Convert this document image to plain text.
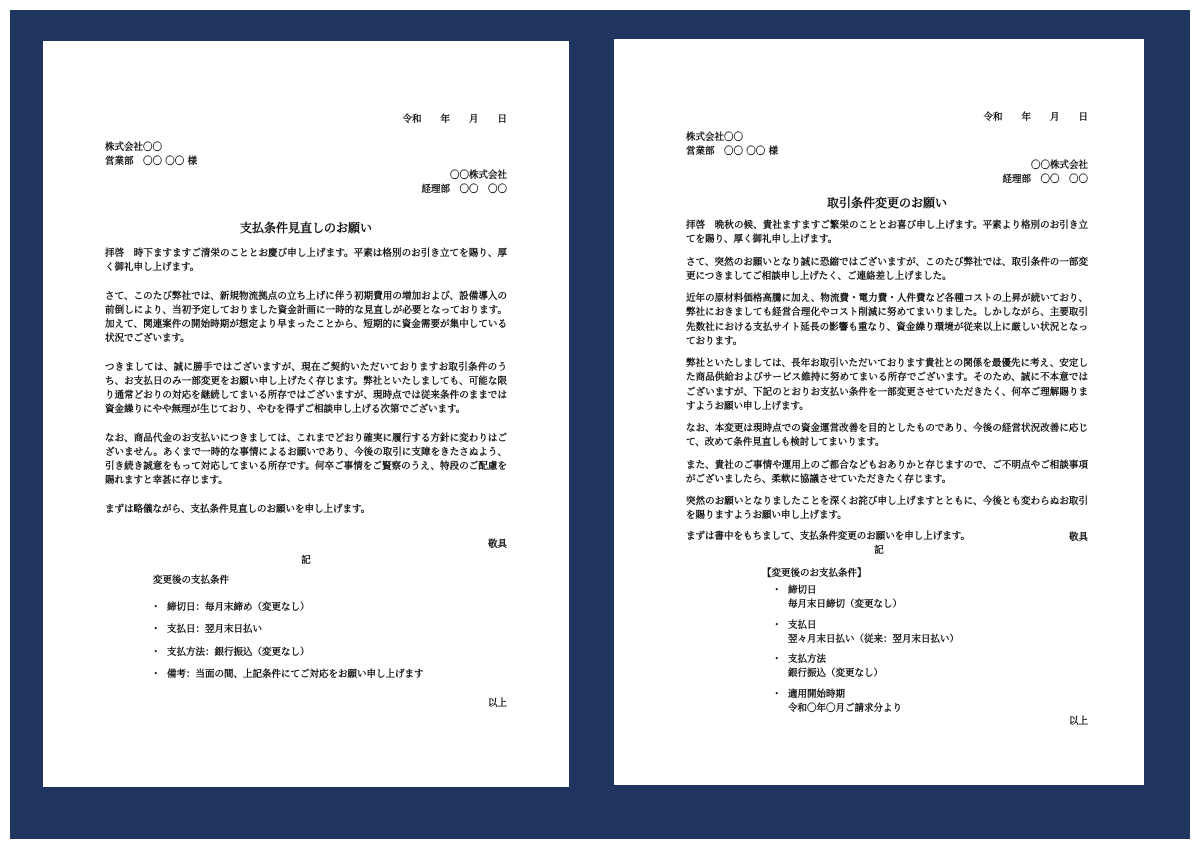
令和　　年　　月　　日

株式会社〇〇

営業部　〇〇 〇〇 様

〇〇株式会社

経理部　〇〇　〇〇

支払条件見直しのお願い

拝啓　時下ますますご清栄のこととお慶び申し上げます。平素は格別のお引き立てを賜り、厚く御礼申し上げます。

さて、このたび弊社では、新規物流拠点の立ち上げに伴う初期費用の増加および、設備導入の前倒しにより、当初予定しておりました資金計画に一時的な見直しが必要となっております。加えて、関連案件の開始時期が想定より早まったことから、短期的に資金需要が集中している状況でございます。

つきましては、誠に勝手ではございますが、現在ご契約いただいておりますお取引条件のうち、お支払日のみ一部変更をお願い申し上げたく存じます。弊社といたしましても、可能な限り通常どおりの対応を継続してまいる所存ではございますが、現時点では従来条件のままでは資金繰りにやや無理が生じており、やむを得ずご相談申し上げる次第でございます。

なお、商品代金のお支払いにつきましては、これまでどおり確実に履行する方針に変わりはございません。あくまで一時的な事情によるお願いであり、今後の取引に支障をきたさぬよう、引き続き誠意をもって対応してまいる所存です。何卒ご事情をご賢察のうえ、特段のご配慮を賜れますと幸甚に存じます。

まずは略儀ながら、支払条件見直しのお願いを申し上げます。

敬具

記

変更後の支払条件

・ 締切日：毎月末締め（変更なし）
・ 支払日：翌月末日払い
・ 支払方法：銀行振込（変更なし）
・ 備考：当面の間、上記条件にてご対応をお願い申し上げます

以上

令和　　年　　月　　日

株式会社〇〇

営業部　〇〇 〇〇 様

〇〇株式会社

経理部　〇〇　〇〇

取引条件変更のお願い

拝啓　晩秋の候、貴社ますますご繁栄のこととお喜び申し上げます。平素より格別のお引き立てを賜り、厚く御礼申し上げます。

さて、突然のお願いとなり誠に恐縮ではございますが、このたび弊社では、取引条件の一部変更につきましてご相談申し上げたく、ご連絡差し上げました。

近年の原材料価格高騰に加え、物流費・電力費・人件費など各種コストの上昇が続いており、弊社におきましても経営合理化やコスト削減に努めてまいりました。しかしながら、主要取引先数社における支払サイト延長の影響も重なり、資金繰り環境が従来以上に厳しい状況となっております。

弊社といたしましては、長年お取引いただいております貴社との関係を最優先に考え、安定した商品供給およびサービス維持に努めてまいる所存でございます。そのため、誠に不本意ではございますが、下記のとおりお支払い条件を一部変更させていただきたく、何卒ご理解賜りますようお願い申し上げます。

なお、本変更は現時点での資金運営改善を目的としたものであり、今後の経営状況改善に応じて、改めて条件見直しも検討してまいります。

また、貴社のご事情や運用上のご都合などもおありかと存じますので、ご不明点やご相談事項がございましたら、柔軟に協議させていただきたく存じます。

突然のお願いとなりましたことを深くお詫び申し上げますとともに、今後とも変わらぬお取引を賜りますようお願い申し上げます。

まずは書中をもちまして、支払条件変更のお願いを申し上げます。	敬具

記

【変更後のお支払条件】

・ 締切日
毎月末日締切（変更なし）
・ 支払日
翌々月末日払い（従来：翌月末日払い）
・ 支払方法
銀行振込（変更なし）
・ 適用開始時期
令和〇年〇月ご請求分より

以上
